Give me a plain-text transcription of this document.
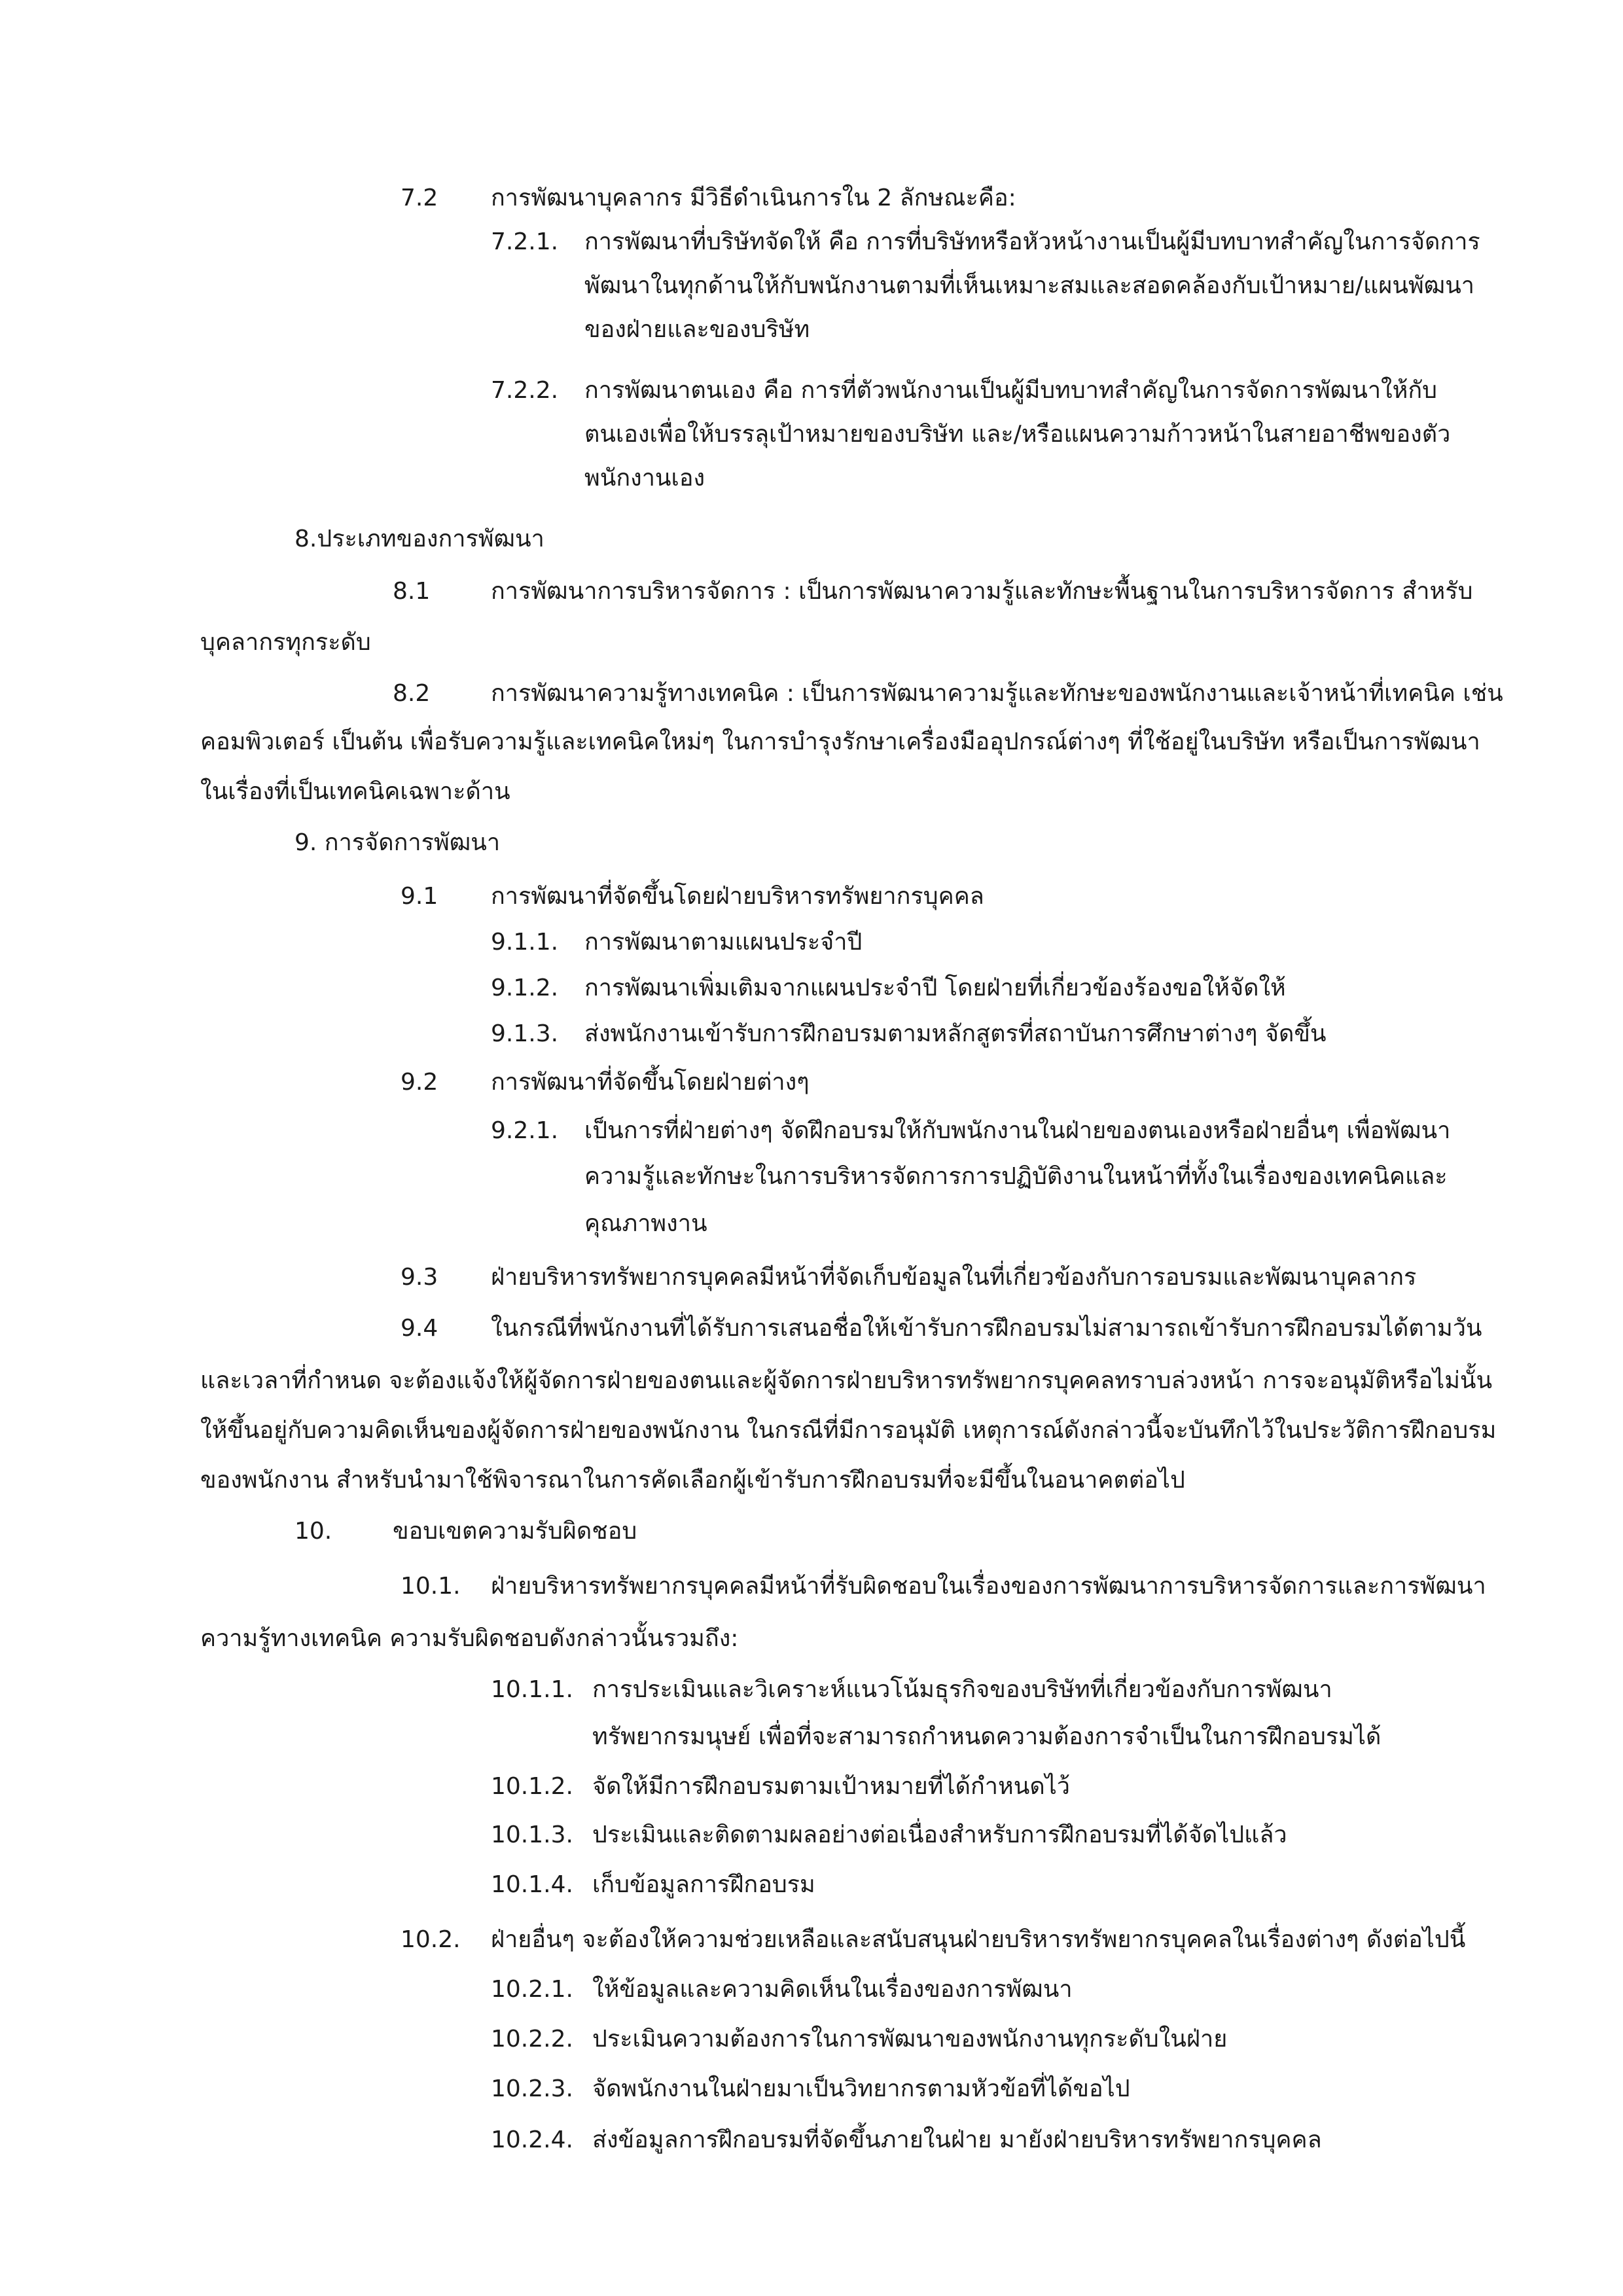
7.2 การพัฒนาบุคลากร มีวิธีดำเนินการใน 2 ลักษณะคือ:
7.2.1. การพัฒนาที่บริษัทจัดให้ คือ การที่บริษัทหรือหัวหน้างานเป็นผู้มีบทบาทสำคัญในการจัดการ
พัฒนาในทุกด้านให้กับพนักงานตามที่เห็นเหมาะสมและสอดคล้องกับเป้าหมาย/แผนพัฒนา
ของฝ่ายและของบริษัท
7.2.2. การพัฒนาตนเอง คือ การที่ตัวพนักงานเป็นผู้มีบทบาทสำคัญในการจัดการพัฒนาให้กับ
ตนเองเพื่อให้บรรลุเป้าหมายของบริษัท และ/หรือแผนความก้าวหน้าในสายอาชีพของตัว
พนักงานเอง
8.ประเภทของการพัฒนา
8.1	การพัฒนาการบริหารจัดการ : เป็นการพัฒนาความรู้และทักษะพื้นฐานในการบริหารจัดการ สำหรับ
บุคลากรทุกระดับ
8.2	การพัฒนาความรู้ทางเทคนิค : เป็นการพัฒนาความรู้และทักษะของพนักงานและเจ้าหน้าที่เทคนิค เช่น
คอมพิวเตอร์ เป็นต้น เพื่อรับความรู้และเทคนิคใหม่ๆ ในการบำรุงรักษาเครื่องมืออุปกรณ์ต่างๆ ที่ใช้อยู่ในบริษัท หรือเป็นการพัฒนา
ในเรื่องที่เป็นเทคนิคเฉพาะด้าน
9. การจัดการพัฒนา
9.1 การพัฒนาที่จัดขึ้นโดยฝ่ายบริหารทรัพยากรบุคคล
9.1.1. การพัฒนาตามแผนประจำปี
9.1.2. การพัฒนาเพิ่มเติมจากแผนประจำปี โดยฝ่ายที่เกี่ยวข้องร้องขอให้จัดให้
9.1.3. ส่งพนักงานเข้ารับการฝึกอบรมตามหลักสูตรที่สถาบันการศึกษาต่างๆ จัดขึ้น
9.2 การพัฒนาที่จัดขึ้นโดยฝ่ายต่างๆ
9.2.1. เป็นการที่ฝ่ายต่างๆ จัดฝึกอบรมให้กับพนักงานในฝ่ายของตนเองหรือฝ่ายอื่นๆ เพื่อพัฒนา
ความรู้และทักษะในการบริหารจัดการการปฏิบัติงานในหน้าที่ทั้งในเรื่องของเทคนิคและ
คุณภาพงาน
9.3 ฝ่ายบริหารทรัพยากรบุคคลมีหน้าที่จัดเก็บข้อมูลในที่เกี่ยวข้องกับการอบรมและพัฒนาบุคลากร
9.4 ในกรณีที่พนักงานที่ได้รับการเสนอชื่อให้เข้ารับการฝึกอบรมไม่สามารถเข้ารับการฝึกอบรมได้ตามวัน
และเวลาที่กำหนด จะต้องแจ้งให้ผู้จัดการฝ่ายของตนและผู้จัดการฝ่ายบริหารทรัพยากรบุคคลทราบล่วงหน้า การจะอนุมัติหรือไม่นั้น
ให้ขึ้นอยู่กับความคิดเห็นของผู้จัดการฝ่ายของพนักงาน ในกรณีที่มีการอนุมัติ เหตุการณ์ดังกล่าวนี้จะบันทึกไว้ในประวัติการฝึกอบรม
ของพนักงาน สำหรับนำมาใช้พิจารณาในการคัดเลือกผู้เข้ารับการฝึกอบรมที่จะมีขึ้นในอนาคตต่อไป
10.	ขอบเขตความรับผิดชอบ
10.1. ฝ่ายบริหารทรัพยากรบุคคลมีหน้าที่รับผิดชอบในเรื่องของการพัฒนาการบริหารจัดการและการพัฒนา
ความรู้ทางเทคนิค ความรับผิดชอบดังกล่าวนั้นรวมถึง:
10.1.1. การประเมินและวิเคราะห์แนวโน้มธุรกิจของบริษัทที่เกี่ยวข้องกับการพัฒนา
ทรัพยากรมนุษย์ เพื่อที่จะสามารถกำหนดความต้องการจำเป็นในการฝึกอบรมได้
10.1.2. จัดให้มีการฝึกอบรมตามเป้าหมายที่ได้กำหนดไว้
10.1.3. ประเมินและติดตามผลอย่างต่อเนื่องสำหรับการฝึกอบรมที่ได้จัดไปแล้ว
10.1.4. เก็บข้อมูลการฝึกอบรม
10.2. ฝ่ายอื่นๆ จะต้องให้ความช่วยเหลือและสนับสนุนฝ่ายบริหารทรัพยากรบุคคลในเรื่องต่างๆ ดังต่อไปนี้
10.2.1. ให้ข้อมูลและความคิดเห็นในเรื่องของการพัฒนา
10.2.2. ประเมินความต้องการในการพัฒนาของพนักงานทุกระดับในฝ่าย
10.2.3. จัดพนักงานในฝ่ายมาเป็นวิทยากรตามหัวข้อที่ได้ขอไป
10.2.4. ส่งข้อมูลการฝึกอบรมที่จัดขึ้นภายในฝ่าย มายังฝ่ายบริหารทรัพยากรบุคคล
